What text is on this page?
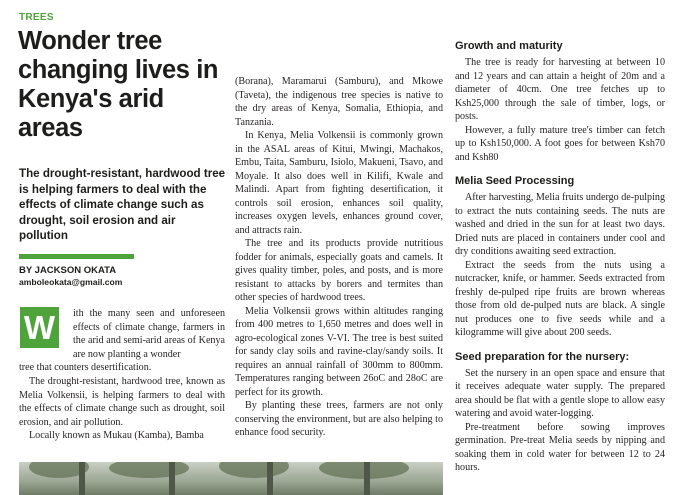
TREES
Wonder tree changing lives in Kenya's arid areas
The drought-resistant, hardwood tree is helping farmers to deal with the effects of climate change such as drought, soil erosion and air pollution
BY JACKSON OKATA
amboleokata@gmail.com
W	ith the many seen and unforeseen effects of climate change, farmers in the arid and semi-arid areas of Kenya are now planting a wonder

tree that counters desertification.

The drought-resistant, hardwood tree, known as Melia Volkensii, is helping farmers to deal with the effects of climate change such as drought, soil erosion, and air pollution.

Locally known as Mukau (Kamba), Bamba

(Borana), Maramarui (Samburu), and Mkowe (Taveta), the indigenous tree species is native to the dry areas of Kenya, Somalia, Ethiopia, and Tanzania.

In Kenya, Melia Volkensii is commonly grown in the ASAL areas of Kitui, Mwingi, Machakos, Embu, Taita, Samburu, Isiolo, Makueni, Tsavo, and Moyale. It also does well in Kilifi, Kwale and Malindi. Apart from fighting desertification, it controls soil erosion, enhances soil quality, increases oxygen levels, enhances ground cover, and attracts rain.

The tree and its products provide nutritious fodder for animals, especially goats and camels. It gives quality timber, poles, and posts, and is more resistant to attacks by borers and termites than other species of hardwood trees.

Melia Volkensii grows within altitudes ranging from 400 metres to 1,650 metres and does well in agro-ecological zones V-VI. The tree is best suited for sandy clay soils and ravine-clay/sandy soils. It requires an annual rainfall of 300mm to 800mm. Temperatures ranging between 26oC and 28oC are perfect for its growth.

By planting these trees, farmers are not only conserving the environment, but are also helping to enhance food security.

Growth and maturity

The tree is ready for harvesting at between 10 and 12 years and can attain a height of 20m and a diameter of 40cm. One tree fetches up to Ksh25,000 through the sale of timber, logs, or posts.

However, a fully mature tree's timber can fetch up to Ksh150,000. A foot goes for between Ksh70 and Ksh80

Melia Seed Processing

After harvesting, Melia fruits undergo de-pulping to extract the nuts containing seeds. The nuts are washed and dried in the sun for at least two days. Dried nuts are placed in containers under cool and dry conditions awaiting seed extraction.

Extract the seeds from the nuts using a nutcracker, knife, or hammer. Seeds extracted from freshly de-pulped ripe fruits are brown whereas those from old de-pulped nuts are black. A single nut produces one to five seeds while and a kilogramme will give about 200 seeds.

Seed preparation for the nursery:

Set the nursery in an open space and ensure that it receives adequate water supply. The prepared area should be flat with a gentle slope to allow easy watering and avoid water-logging.

Pre-treatment before sowing improves germination. Pre-treat Melia seeds by nipping and soaking them in cold water for between 12 to 24 hours.
